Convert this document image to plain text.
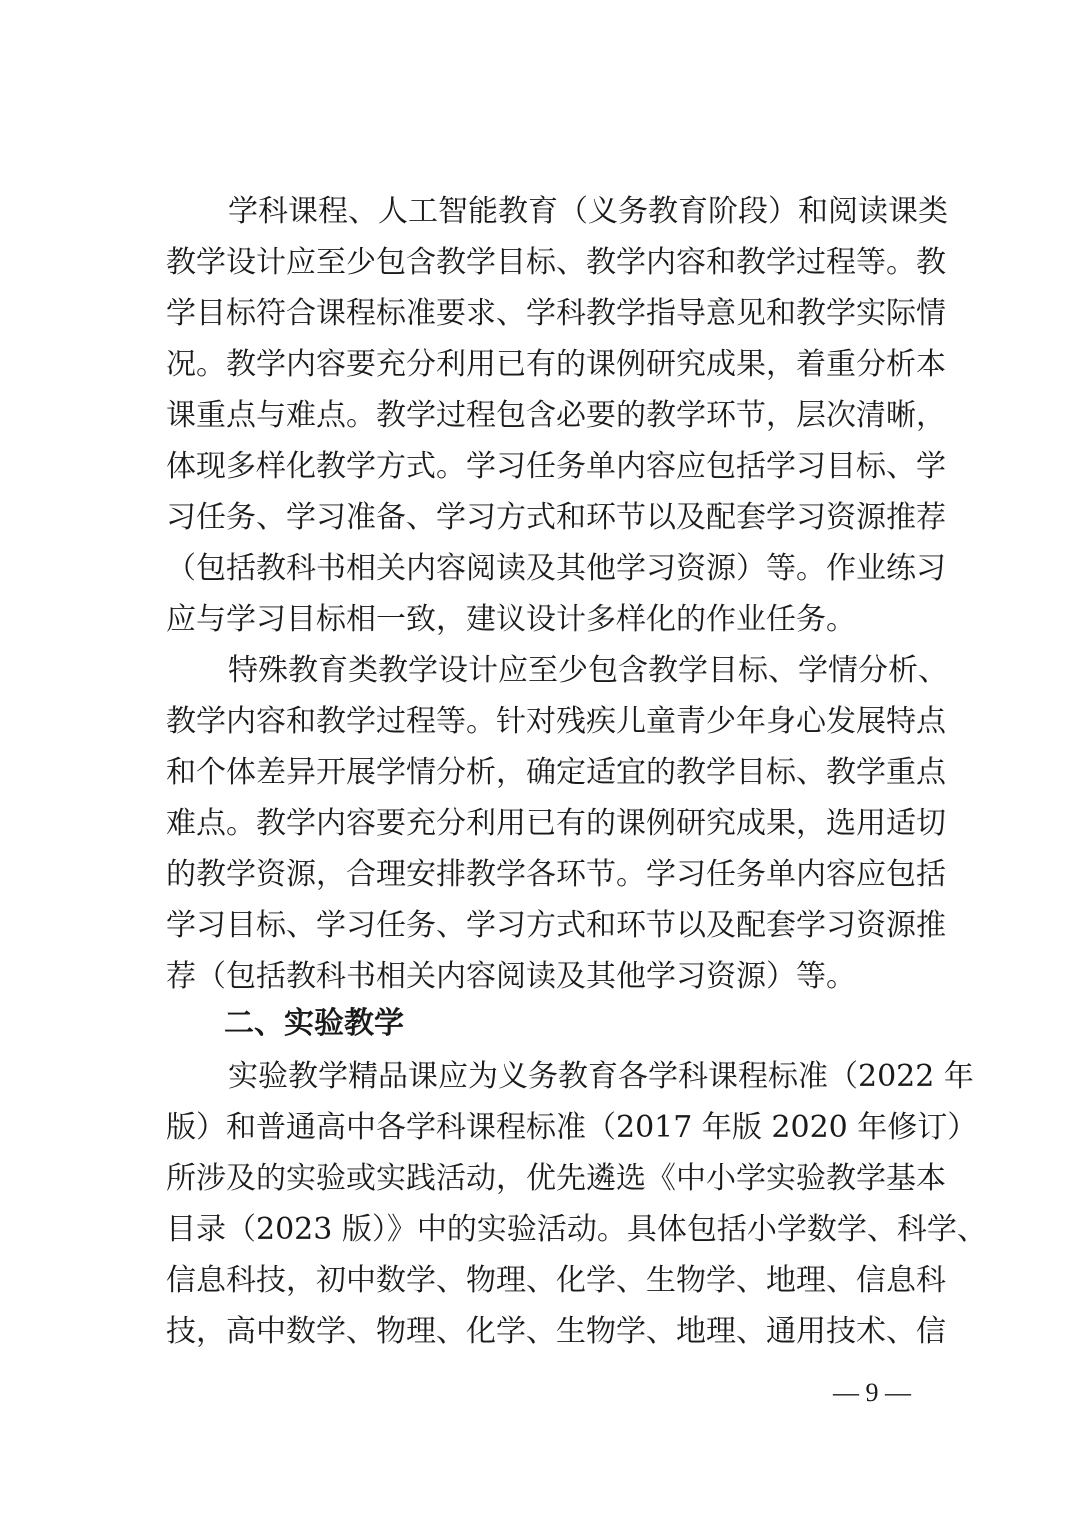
学科课程、人工智能教育（义务教育阶段）和阅读课类
教学设计应至少包含教学目标、教学内容和教学过程等。教
学目标符合课程标准要求、学科教学指导意见和教学实际情
况。教学内容要充分利用已有的课例研究成果，着重分析本
课重点与难点。教学过程包含必要的教学环节，层次清晰，
体现多样化教学方式。学习任务单内容应包括学习目标、学
习任务、学习准备、学习方式和环节以及配套学习资源推荐
（包括教科书相关内容阅读及其他学习资源）等。作业练习
应与学习目标相一致，建议设计多样化的作业任务。
特殊教育类教学设计应至少包含教学目标、学情分析、
教学内容和教学过程等。针对残疾儿童青少年身心发展特点
和个体差异开展学情分析，确定适宜的教学目标、教学重点
难点。教学内容要充分利用已有的课例研究成果，选用适切
的教学资源，合理安排教学各环节。学习任务单内容应包括
学习目标、学习任务、学习方式和环节以及配套学习资源推
荐（包括教科书相关内容阅读及其他学习资源）等。
二、实验教学
实验教学精品课应为义务教育各学科课程标准（2022 年
版）和普通高中各学科课程标准（2017 年版 2020 年修订）
所涉及的实验或实践活动，优先遴选《中小学实验教学基本
目录（2023 版）》中的实验活动。具体包括小学数学、科学、
信息科技，初中数学、物理、化学、生物学、地理、信息科
技，高中数学、物理、化学、生物学、地理、通用技术、信
— 9 —
